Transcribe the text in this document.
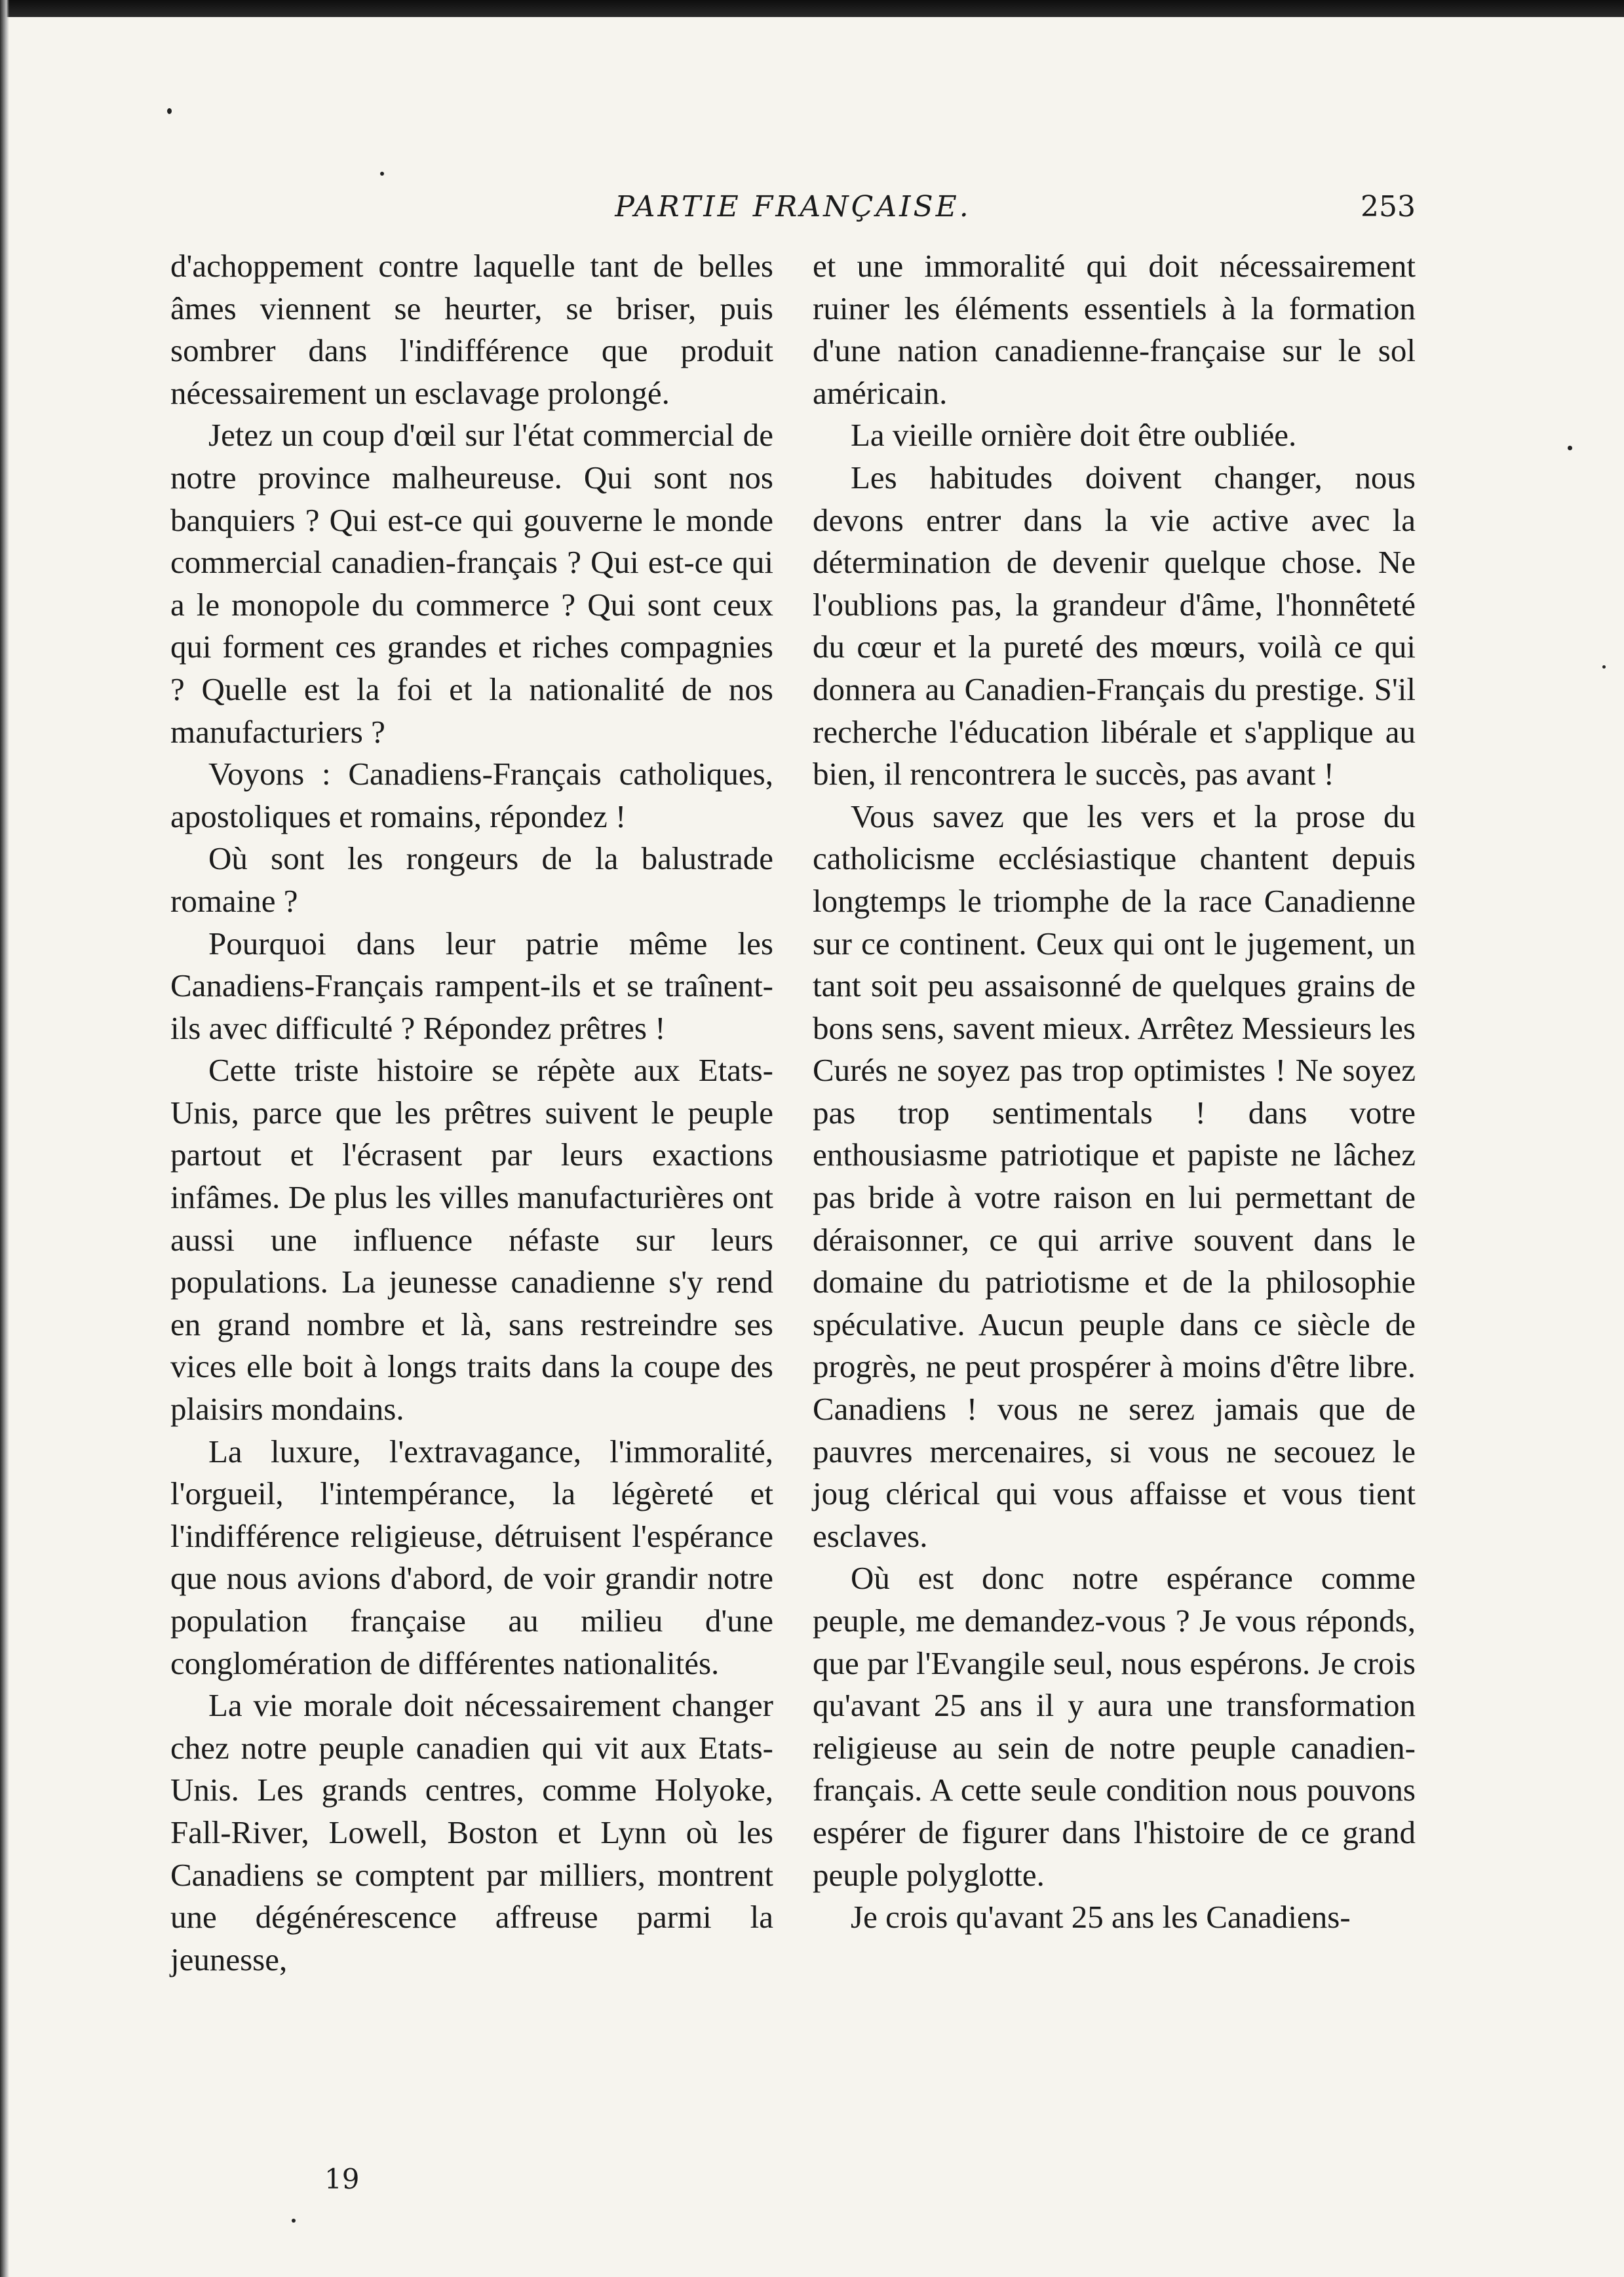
PARTIE FRANÇAISE.	253

d'achoppement contre laquelle tant de belles âmes viennent se heurter, se briser, puis sombrer dans l'indifférence que produit nécessairement un esclavage prolongé.

Jetez un coup d'œil sur l'état commercial de notre province malheureuse. Qui sont nos banquiers ? Qui est-ce qui gouverne le monde commercial canadien-français ? Qui est-ce qui a le monopole du commerce ? Qui sont ceux qui forment ces grandes et riches compagnies ? Quelle est la foi et la nationalité de nos manufacturiers ?

Voyons : Canadiens-Français catholiques, apostoliques et romains, répondez !

Où sont les rongeurs de la balustrade romaine ?

Pourquoi dans leur patrie même les Canadiens-Français rampent-ils et se traînent-ils avec difficulté ? Répondez prêtres !

Cette triste histoire se répète aux Etats-Unis, parce que les prêtres suivent le peuple partout et l'écrasent par leurs exactions infâmes. De plus les villes manufacturières ont aussi une influence néfaste sur leurs populations. La jeunesse canadienne s'y rend en grand nombre et là, sans restreindre ses vices elle boit à longs traits dans la coupe des plaisirs mondains.

La luxure, l'extravagance, l'immoralité, l'orgueil, l'intempérance, la légèreté et l'indifférence religieuse, détruisent l'espérance que nous avions d'abord, de voir grandir notre population française au milieu d'une conglomération de différentes nationalités.

La vie morale doit nécessairement changer chez notre peuple canadien qui vit aux Etats-Unis. Les grands centres, comme Holyoke, Fall-River, Lowell, Boston et Lynn où les Canadiens se comptent par milliers, montrent une dégénérescence affreuse parmi la jeunesse,

et une immoralité qui doit nécessairement ruiner les éléments essentiels à la formation d'une nation canadienne-française sur le sol américain.

La vieille ornière doit être oubliée.

Les habitudes doivent changer, nous devons entrer dans la vie active avec la détermination de devenir quelque chose. Ne l'oublions pas, la grandeur d'âme, l'honnêteté du cœur et la pureté des mœurs, voilà ce qui donnera au Canadien-Français du prestige. S'il recherche l'éducation libérale et s'applique au bien, il rencontrera le succès, pas avant !

Vous savez que les vers et la prose du catholicisme ecclésiastique chantent depuis longtemps le triomphe de la race Canadienne sur ce continent. Ceux qui ont le jugement, un tant soit peu assaisonné de quelques grains de bons sens, savent mieux. Arrêtez Messieurs les Curés ne soyez pas trop optimistes ! Ne soyez pas trop sentimentals ! dans votre enthousiasme patriotique et papiste ne lâchez pas bride à votre raison en lui permettant de déraisonner, ce qui arrive souvent dans le domaine du patriotisme et de la philosophie spéculative. Aucun peuple dans ce siècle de progrès, ne peut prospérer à moins d'être libre. Canadiens ! vous ne serez jamais que de pauvres mercenaires, si vous ne secouez le joug clérical qui vous affaisse et vous tient esclaves.

Où est donc notre espérance comme peuple, me demandez-vous ? Je vous réponds, que par l'Evangile seul, nous espérons. Je crois qu'avant 25 ans il y aura une transformation religieuse au sein de notre peuple canadien-français. A cette seule condition nous pouvons espérer de figurer dans l'histoire de ce grand peuple polyglotte.

Je crois qu'avant 25 ans les Canadiens-

19
